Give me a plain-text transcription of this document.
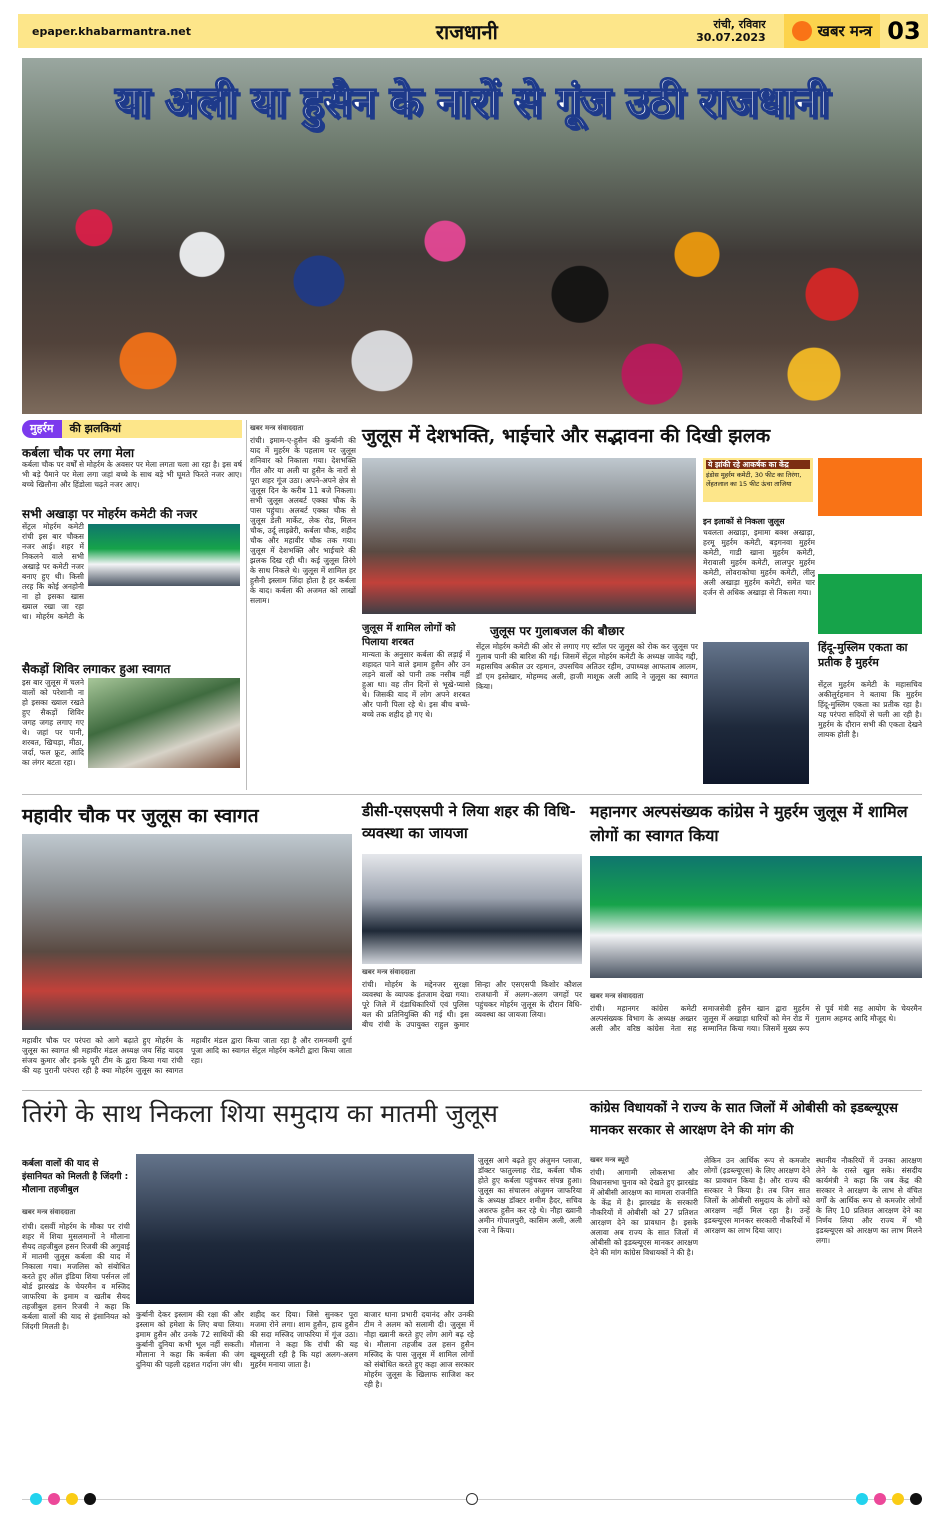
epaper.khabarmantra.net	राजधानी	रांची, रविवार
30.07.2023	खबर मन्त्र 03
या अली या हुसैन के नारों से गूंज उठी राजधानी
मुहर्रम	की झलकियां
कर्बला चौक पर लगा मेला
कर्बला चौक पर वर्षों से मोहर्रम के अवसर पर मेला लगता चला आ रहा है। इस वर्ष भी बड़े पैमाने पर मेला लगा जहां बच्चे के साथ बड़े भी घूमते फिरते नजर आए। बच्चे खिलौना और हिंडोला चढ़ते नजर आए।
सभी अखाड़ा पर मोहर्रम कमेटी की नजर
सेंट्रल मोहर्रम कमेटी रांची इस बार चौकस नजर आई। शहर में निकलने वाले सभी अखाड़े पर कमेटी नजर बनाए हुए थी। किसी तरह कि कोई अनहोनी ना हो इसका खास ख्याल रखा जा रहा था। मोहर्रम कमेटी के
सैकड़ों शिविर लगाकर हुआ स्वागत
इस बार जुलूस में चलने वालों को परेशानी ना हो इसका ख्याल रखते हुए सैकड़ों शिविर जगह जगह लगाए गए थे। जहां पर पानी, शरबत, खिचड़ा, मीठा, जर्दा, फल फ्रूट, आदि का लंगर बटता रहा।
खबर मन्त्र संवाददाता
रांची। इमाम-ए-हुसैन की कुर्बानी की याद में मुहर्रम के पहलाम पर जुलूस शनिवार को निकाला गया। देशभक्ति गीत और या अली या हुसैन के नारों से पूरा शहर गूंज उठा। अपने-अपने क्षेत्र से जुलूस दिन के करीब 11 बजे निकला। सभी जुलूस अलबर्ट एक्का चौक के पास पहुंचा। अलबर्ट एक्का चौक से जुलूस डेली मार्केट, लेक रोड, मिलन चौक, उर्दू लाइब्रेरी, कर्बला चौक, शहीद चौक और महावीर चौक तक गया। जुलूस में देशभक्ति और भाईचारे की झलक दिख रही थी। कई जुलूस तिरंगे के साथ निकले थे। जुलूस में शामिल हर हुसैनी इस्लाम जिंदा होता है हर कर्बला के बाद। कर्बला की अजमत को लाखों सलाम।
जुलूस में देशभक्ति, भाईचारे और सद्भावना की दिखी झलक
ये झांकी रहे आकर्षक का केंद्र
इंडोस मुहर्रम कमेटी, 30 फीट का तिरंगा, लेंहतलाल का 15 फीट ऊंचा ताजिया
इन इलाकों से निकला जुलूस
चवलता अखाड़ा, इमामा बक्श अखाड़ा, हरमू मुहर्रम कमेटी, बड़गनवा मुहर्रम कमेटी, गाडी खाना मुहर्रम कमेटी, मेरावाली मुहर्रम कमेटी, लालपुर मुहर्रम कमेटी, लोवराकोचा मुहर्रम कमेटी, लीलू अली अखाड़ा मुहर्रम कमेटी, समेत चार दर्जन से अधिक अखाड़ा से निकला गया।
जुलूस में शामिल लोगों को पिलाया शरबत
मान्यता के अनुसार कर्बला की लड़ाई में शहादत पाने वाले इमाम हुसैन और उन लड़ने वालों को पानी तक नसीब नहीं हुआ था। वह तीन दिनों से भूखे-प्यासे थे। जिसकी याद में लोग अपने शरबत और पानी पिला रहे थे। इस बीच बच्चे-बच्चे तक शहीद हो गए थे।
जुलूस पर गुलाबजल की बौछार
सेंट्रल मोहर्रम कमेटी की ओर से लगाए गए स्टॉल पर जुलूस को रोक कर जुलूस पर गुलाब पानी की बारिश की गई। जिसमें सेंट्रल मोहर्रम कमेटी के अध्यक्ष जावेद गद्दी, महासचिव अकील उर रहमान, उपसचिव अतिउर रहीम, उपाध्यक्ष आफताब आलम, डॉ एम इस्तेखार, मोहम्मद अली, हाजी माशूक अली आदि ने जुलूस का स्वागत किया।
हिंदू-मुस्लिम एकता का प्रतीक है मुहर्रम
सेंट्रल मुहर्रम कमेटी के महासचिव अकीलुर्रहमान ने बताया कि मुहर्रम हिंदू-मुस्लिम एकता का प्रतीक रहा है। यह परंपरा सदियों से चली आ रही है। मुहर्रम के दौरान सभी की एकता देखने लायक होती है।
महावीर चौक पर जुलूस का स्वागत
महावीर चौक पर परंपरा को आगे बढ़ाते हुए मोहर्रम के जुलूस का स्वागत श्री महावीर मंडल अध्यक्ष जय सिंह यादव संजय कुमार और इनके पूरी टीम के द्वारा किया गया रांची की यह पुरानी परंपरा रही है क्या मोहर्रम जुलूस का स्वागत महावीर मंडल द्वारा किया जाता रहा है और रामनवमी दुर्गा पूजा आदि का स्वागत सेंट्रल मोहर्रम कमेटी द्वारा किया जाता रहा।
डीसी-एसएसपी ने लिया शहर की विधि-व्यवस्था का जायजा
खबर मन्त्र संवाददाता
रांची। मोहर्रम के मद्देनजर सुरक्षा व्यवस्था के व्यापक इंतजाम देखा गया। पूरे जिले में दंडाधिकारियों एवं पुलिस बल की प्रतिनियुक्ति की गई थी। इस बीच रांची के उपायुक्त राहुल कुमार सिन्हा और एसएसपी किशोर कौशल राजधानी में अलग-अलग जगहों पर पहुंचकर मोहर्रम जुलूस के दौरान विधि-व्यवस्था का जायजा लिया।
महानगर अल्पसंख्यक कांग्रेस ने मुहर्रम जुलूस में शामिल लोगों का स्वागत किया
खबर मन्त्र संवाददाता
रांची। महानगर कांग्रेस कमेटी अल्पसंख्यक विभाग के अध्यक्ष अख्तर अली और वरिष्ठ कांग्रेस नेता सह समाजसेवी हुसैन खान द्वारा मुहर्रम जुलूस में अखाड़ा धारियों को मेन रोड में सम्मानित किया गया। जिसमें मुख्य रूप से पूर्व मंत्री सह आयोग के चेयरमैन गुलाम अहमद आदि मौजूद थे।
तिरंगे के साथ निकला शिया समुदाय का मातमी जुलूस
कर्बला वालों की याद से इंसानियत को मिलती है जिंदगी : मौलाना तहजीबुल
खबर मन्त्र संवाददाता
रांची। दसवीं मोहर्रम के मौका पर रांची शहर में शिया मुसलमानों ने मौलाना सैयद तहजीबुल हसन रिजवी की अगुवाई में मातमी जुलूस कर्बला की याद में निकाला गया। मजलिस को संबोधित करते हुए ऑल इंडिया शिया पर्सनल लॉ बोर्ड झारखंड के चेयरमैन व मस्जिद जाफरिया के इमाम व खतीब सैयद तहजीबुल हसन रिजवी ने कहा कि कर्बला वालों की याद से इंसानियत को जिंदगी मिलती है।
कुर्बानी देकर इस्लाम की रक्षा की और इस्लाम को हमेशा के लिए बचा लिया। इमाम हुसैन और उनके 72 साथियों की कुर्बानी दुनिया कभी भूल नहीं सकती। मौलाना ने कहा कि कर्बला की जंग दुनिया की पहली दहशत गर्दाना जंग थी।
शहीद कर दिया। जिसे सुनकर पूरा मजमा रोने लगा। शाम हुसैन, हाय हुसैन की सदा मस्जिद जाफरिया में गूंज उठा। मौलाना ने कहा कि रांची की यह खूबसूरती रही है कि यहां अलग-अलग मुहर्रम मनाया जाता है।
बाजार थाना प्रभारी दयानंद और उनकी टीम ने अलम को सलामी दी। जुलूस में नौहा ख्वानी करते हुए लोग आगे बढ़ रहे थे। मौलाना तहजीब उल हसन हुसैन मस्जिद के पास जुलूस में शामिल लोगों को संबोधित करते हुए कहा आज सरकार मोहर्रम जुलूस के खिलाफ साजिश कर रही है।
जुलूस आगे बढ़ते हुए अंजुमन प्लाजा, डॉक्टर फातुल्लाह रोड, कर्बला चौक होते हुए कर्बला पहुंचकर संपन्न हुआ। जुलूस का संचालन अंजुमन जाफरिया के अध्यक्ष डॉक्टर शमीम हैदर, सचिव अशरफ हुसैन कर रहे थे। नौहा ख्वानी अमीन गोपालपुरी, कासिम अली, अली रजा ने किया।
कांग्रेस विधायकों ने राज्य के सात जिलों में ओबीसी को इडब्ल्यूएस मानकर सरकार से आरक्षण देने की मांग की
खबर मन्त्र ब्यूरो
रांची। आगामी लोकसभा और विधानसभा चुनाव को देखते हुए झारखंड में ओबीसी आरक्षण का मामला राजनीति के केंद्र में है। झारखंड के सरकारी नौकरियों में ओबीसी को 27 प्रतिशत आरक्षण देने का प्रावधान है। इसके अलावा अब राज्य के सात जिलों में ओबीसी को इडब्ल्यूएस मानकर आरक्षण देने की मांग कांग्रेस विधायकों ने की है।
लेकिन उन आर्थिक रूप से कमजोर लोगों (इडब्ल्यूएस) के लिए आरक्षण देने का प्रावधान किया है। और राज्य की सरकार ने किया है। तब जिन सात जिलों के ओबीसी समुदाय के लोगों को आरक्षण नहीं मिल रहा है। उन्हें इडब्ल्यूएस मानकर सरकारी नौकरियों में आरक्षण का लाभ दिया जाए।
स्थानीय नौकरियों में उनका आरक्षण लेने के रास्ते खुल सके। संसदीय कार्यमंत्री ने कहा कि जब केंद्र की सरकार ने आरक्षण के लाभ से वंचित वर्गों के आर्थिक रूप से कमजोर लोगों के लिए 10 प्रतिशत आरक्षण देने का निर्णय लिया और राज्य में भी इडब्ल्यूएस को आरक्षण का लाभ मिलने लगा।
